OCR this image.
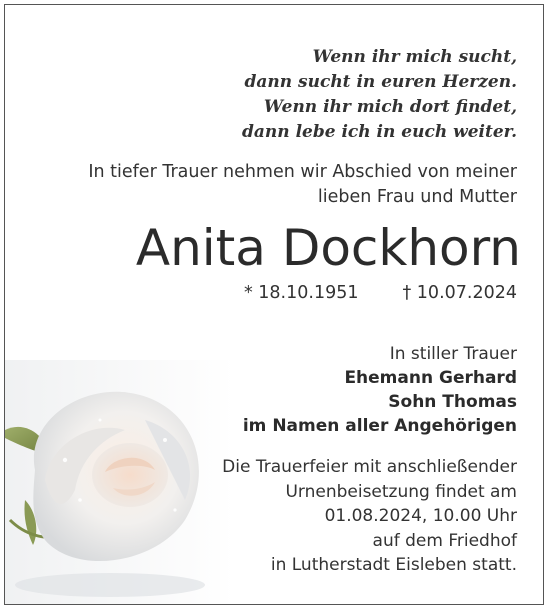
Wenn ihr mich sucht,
dann sucht in euren Herzen.
Wenn ihr mich dort findet,
dann lebe ich in euch weiter.
In tiefer Trauer nehmen wir Abschied von meiner
lieben Frau und Mutter
Anita Dockhorn
* 18.10.1951	† 10.07.2024
In stiller Trauer
Ehemann Gerhard
Sohn Thomas
im Namen aller Angehörigen
Die Trauerfeier mit anschließender
Urnenbeisetzung findet am
01.08.2024, 10.00 Uhr
auf dem Friedhof
in Lutherstadt Eisleben statt.
